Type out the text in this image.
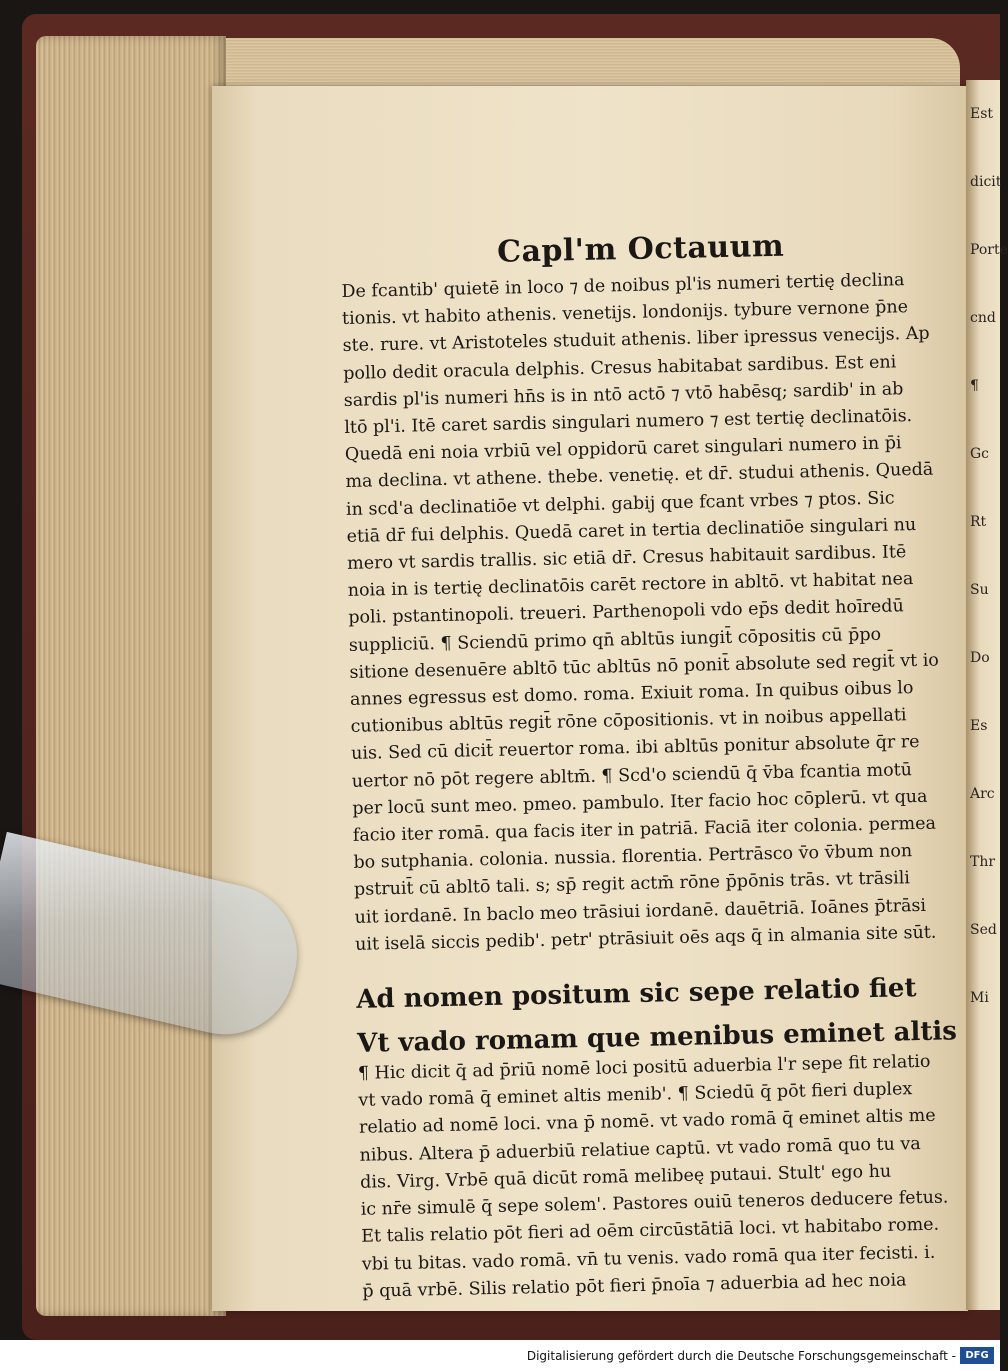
Est
dicit
Porte
cnd
¶ Gc
Rt
Su
Do
Es
Arc
Thr
Sed
Mi
Capl'm Octauum
De fcantib' quietē in loco ⁊ de noibus pl'is numeri tertię declina
tionis. vt habito athenis. venetijs. londonijs. tybure vernone p̄ne
ste. rure. vt Aristoteles studuit athenis. liber ipressus venecijs. Ap
pollo dedit oracula delphis. Cresus habitabat sardibus. Est eni
sardis pl'is numeri hn̄s is in ntō actō ⁊ vtō habēsq; sardib' in ab
ltō pl'i. Itē caret sardis singulari numero ⁊ est tertię declinatōis.
Quedā eni noia vrbiū vel oppidorū caret singulari numero in p̄i
ma declina. vt athene. thebe. venetię. et dr̄. studui athenis. Quedā
in scd'a declinatiōe vt delphi. gabij que fcant vrbes ⁊ ptos. Sic
etiā dr̄ fui delphis. Quedā caret in tertia declinatiōe singulari nu
mero vt sardis trallis. sic etiā dr̄. Cresus habitauit sardibus. Itē
noia in is tertię declinatōis carēt rectore in abltō. vt habitat nea
poli. pstantinopoli. treueri. Parthenopoli vdo ep̄s dedit hoīredū
suppliciū. ¶ Sciendū primo qn̄ abltūs iungit̄ cōpositis cū p̄po
sitione desenuēre abltō tūc abltūs nō ponit̄ absolute sed regit̄ vt io
annes egressus est domo. roma. Exiuit roma. In quibus oibus lo
cutionibus abltūs regit̄ rōne cōpositionis. vt in noibus appellati
uis. Sed cū dicit̄ reuertor roma. ibi abltūs ponitur absolute q̄r re
uertor nō pōt regere abltm̄. ¶ Scd'o sciendū q̄ v̄ba fcantia motū
per locū sunt meo. pmeo. pambulo. Iter facio hoc cōplerū. vt qua
facio iter romā. qua facis iter in patriā. Faciā iter colonia. permea
bo sutphania. colonia. nussia. florentia. Pertrāsco v̄o v̄bum non
pstruit̄ cū abltō tali. s; sp̄ regit actm̄ rōne p̄pōnis trās. vt trāsili
uit iordanē. In baclo meo trāsiui iordanē. dauētriā. Ioānes p̄trāsi
uit iselā siccis pedib'. petr' ptrāsiuit oēs aqs q̄ in almania site sūt.
Ad nomen positum sic sepe relatio fiet
Vt vado romam que menibus eminet altis
¶ Hic dicit q̄ ad p̄riū nomē loci positū aduerbia l'r sepe fit relatio
vt vado romā q̄ eminet altis menib'. ¶ Sciedū q̄ pōt fieri duplex
relatio ad nomē loci. vna p̄ nomē. vt vado romā q̄ eminet altis me
nibus. Altera p̄ aduerbiū relatiue captū. vt vado romā quo tu va
dis. Virg. Vrbē quā dicūt romā melibeę putaui. Stult' ego hu
ic nr̄e simulē q̄ sepe solem'. Pastores ouiū teneros deducere fetus.
Et talis relatio pōt fieri ad oēm circūstātiā loci. vt habitabo rome.
vbi tu bitas. vado romā. vn̄ tu venis. vado romā qua iter fecisti. i.
p̄ quā vrbē. Silis relatio pōt fieri p̄noīa ⁊ aduerbia ad hec noia
Digitalisierung gefördert durch die Deutsche Forschungsgemeinschaft - DFG
